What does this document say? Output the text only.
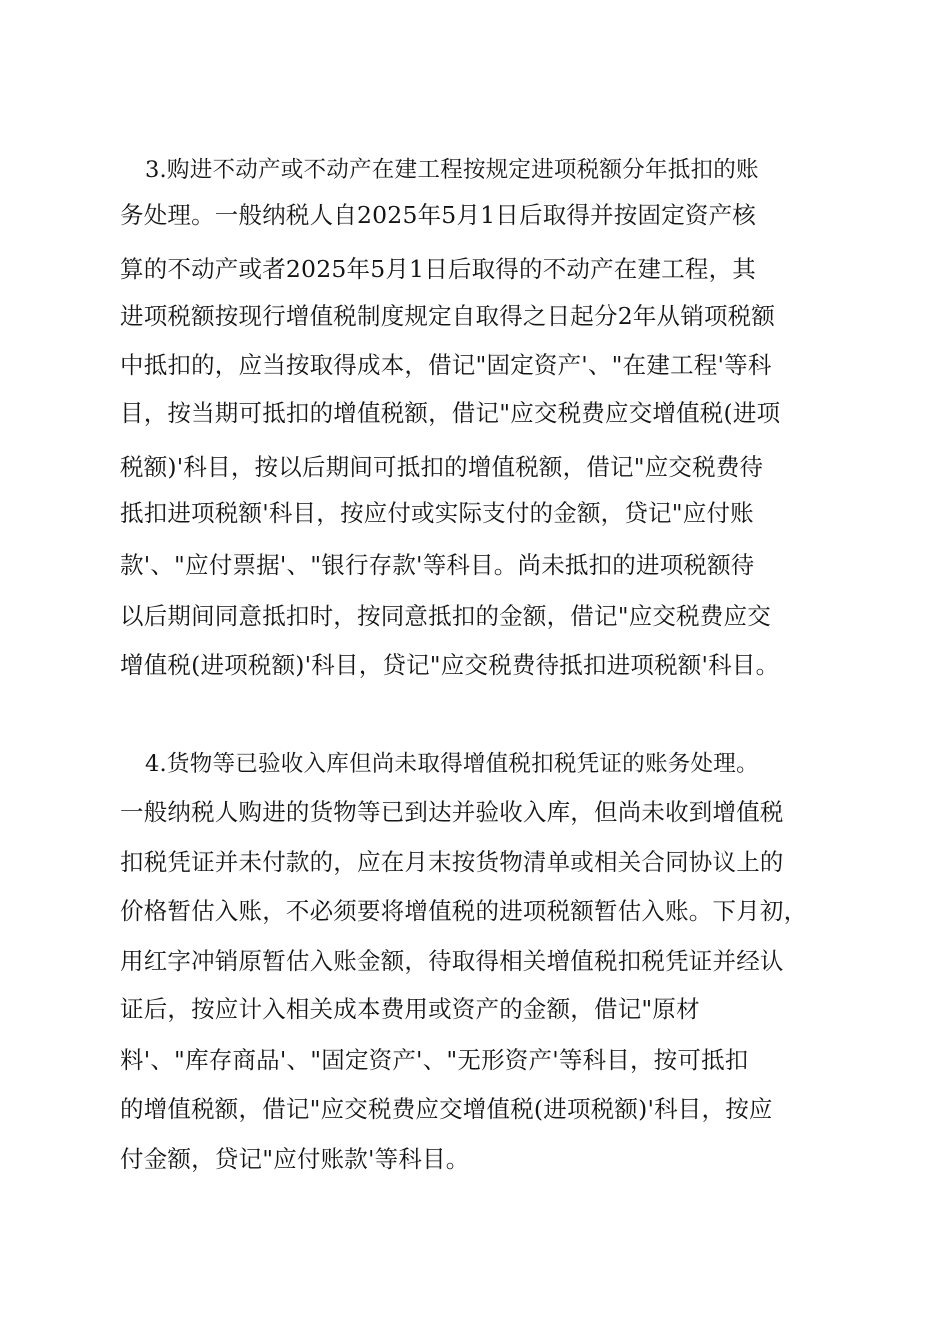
3.购进不动产或不动产在建工程按规定进项税额分年抵扣的账

务处理。一般纳税人自2025年5月1日后取得并按固定资产核

算的不动产或者2025年5月1日后取得的不动产在建工程，其

进项税额按现行增值税制度规定自取得之日起分2年从销项税额

中抵扣的，应当按取得成本，借记"固定资产'、"在建工程'等科

目，按当期可抵扣的增值税额，借记"应交税费应交增值税(进项

税额)'科目，按以后期间可抵扣的增值税额，借记"应交税费待

抵扣进项税额'科目，按应付或实际支付的金额，贷记"应付账

款'、"应付票据'、"银行存款'等科目。尚未抵扣的进项税额待

以后期间同意抵扣时，按同意抵扣的金额，借记"应交税费应交

增值税(进项税额)'科目，贷记"应交税费待抵扣进项税额'科目。

4.货物等已验收入库但尚未取得增值税扣税凭证的账务处理。

一般纳税人购进的货物等已到达并验收入库，但尚未收到增值税

扣税凭证并未付款的，应在月末按货物清单或相关合同协议上的

价格暂估入账，不必须要将增值税的进项税额暂估入账。下月初，

用红字冲销原暂估入账金额，待取得相关增值税扣税凭证并经认

证后，按应计入相关成本费用或资产的金额，借记"原材

料'、"库存商品'、"固定资产'、"无形资产'等科目，按可抵扣

的增值税额，借记"应交税费应交增值税(进项税额)'科目，按应

付金额，贷记"应付账款'等科目。
